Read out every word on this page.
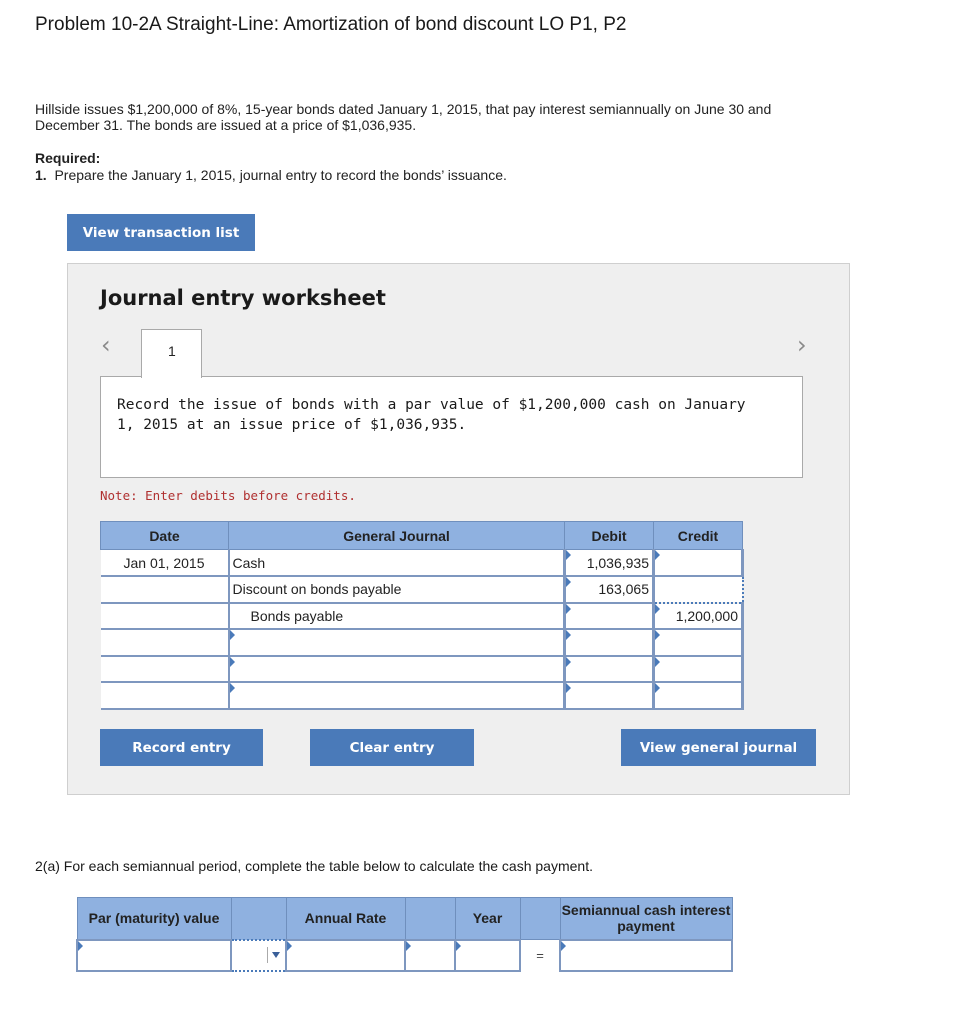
Problem 10-2A Straight-Line: Amortization of bond discount LO P1, P2
Hillside issues $1,200,000 of 8%, 15-year bonds dated January 1, 2015, that pay interest semiannually on June 30 and December 31. The bonds are issued at a price of $1,036,935.
Required:
1. Prepare the January 1, 2015, journal entry to record the bonds’ issuance.
View transaction list
Journal entry worksheet
‹	›
1
Record the issue of bonds with a par value of $1,200,000 cash on January 1, 2015 at an issue price of $1,036,935.
Note: Enter debits before credits.
Date	General Journal	Debit	Credit
Jan 01, 2015	Cash	1,036,935	

	Discount on bonds payable	163,065	
	Bonds payable		1,200,000

Record entry	Clear entry	View general journal
2(a) For each semiannual period, complete the table below to calculate the cash payment.
Par (maturity) value		Annual Rate		Year		Semiannual cash interest payment

	=	
